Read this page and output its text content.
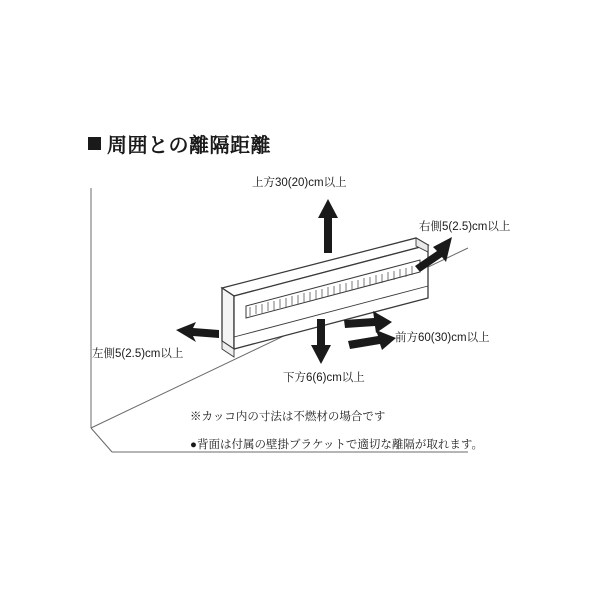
周囲との離隔距離
上方30(20)cm以上
右側5(2.5)cm以上
前方60(30)cm以上
下方6(6)cm以上
左側5(2.5)cm以上
※カッコ内の寸法は不燃材の場合です
●背面は付属の壁掛ブラケットで適切な離隔が取れます。
